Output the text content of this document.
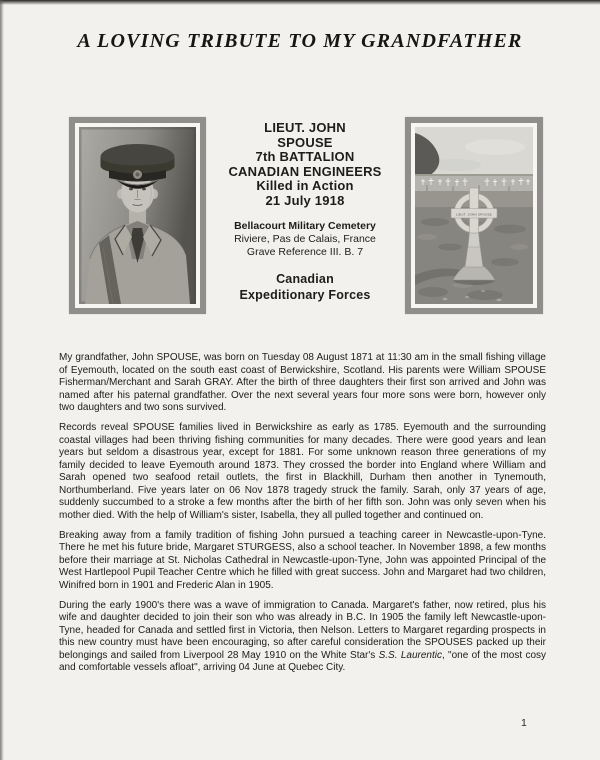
A LOVING TRIBUTE TO MY GRANDFATHER
LIEUT. JOHN
SPOUSE
7th BATTALION
CANADIAN ENGINEERS
Killed in Action
21 July 1918
Bellacourt Military Cemetery
Riviere, Pas de Calais, France
Grave Reference III. B. 7
Canadian
Expeditionary Forces
LIEUT. JOHN SPOUSE

My grandfather, John SPOUSE, was born on Tuesday 08 August 1871 at 11:30 am in the small fishing village of Eyemouth, located on the south east coast of Berwickshire, Scotland. His parents were William SPOUSE Fisherman/Merchant and Sarah GRAY. After the birth of three daughters their first son arrived and John was named after his paternal grandfather. Over the next several years four more sons were born, however only two daughters and two sons survived.

Records reveal SPOUSE families lived in Berwickshire as early as 1785. Eyemouth and the surrounding coastal villages had been thriving fishing communities for many decades. There were good years and lean years but seldom a disastrous year, except for 1881. For some unknown reason three generations of my family decided to leave Eyemouth around 1873. They crossed the border into England where William and Sarah opened two seafood retail outlets, the first in Blackhill, Durham then another in Tynemouth, Northumberland. Five years later on 06 Nov 1878 tragedy struck the family. Sarah, only 37 years of age, suddenly succumbed to a stroke a few months after the birth of her fifth son. John was only seven when his mother died. With the help of William's sister, Isabella, they all pulled together and continued on.

Breaking away from a family tradition of fishing John pursued a teaching career in Newcastle-upon-Tyne. There he met his future bride, Margaret STURGESS, also a school teacher. In November 1898, a few months before their marriage at St. Nicholas Cathedral in Newcastle-upon-Tyne, John was appointed Principal of the West Hartlepool Pupil Teacher Centre which he filled with great success. John and Margaret had two children, Winifred born in 1901 and Frederic Alan in 1905.

During the early 1900's there was a wave of immigration to Canada. Margaret's father, now retired, plus his wife and daughter decided to join their son who was already in B.C. In 1905 the family left Newcastle-upon-Tyne, headed for Canada and settled first in Victoria, then Nelson. Letters to Margaret regarding prospects in this new country must have been encouraging, so after careful consideration the SPOUSES packed up their belongings and sailed from Liverpool 28 May 1910 on the White Star's S.S. Laurentic, "one of the most cosy and comfortable vessels afloat", arriving 04 June at Quebec City.

1
